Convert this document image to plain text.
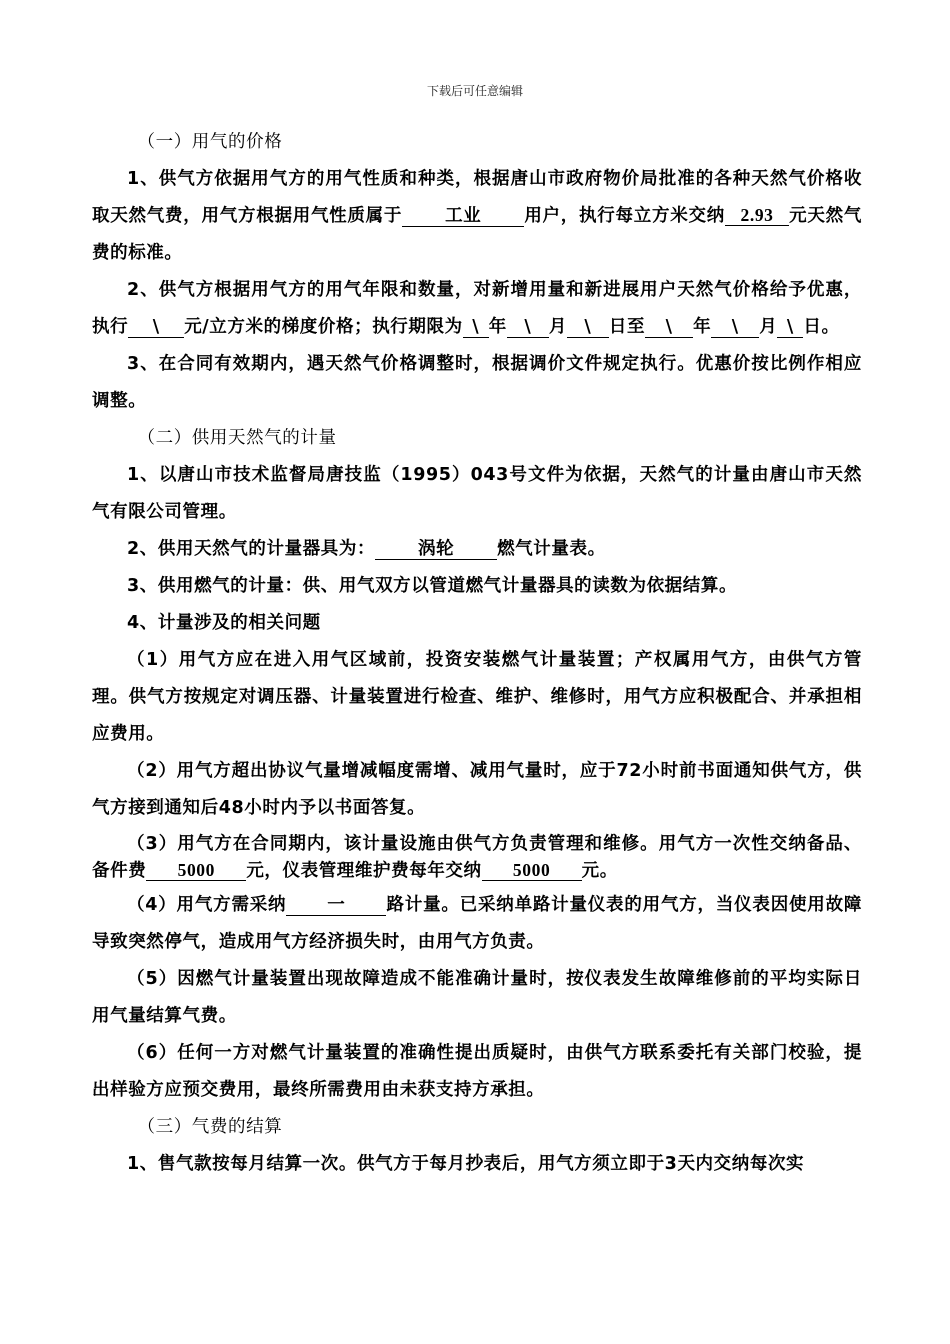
下载后可任意编辑

（一）用气的价格

1、供气方依据用气方的用气性质和种类，根据唐山市政府物价局批准的各种天然气价格收取天然气费，用气方根据用气性质属于 工业 用户，执行每立方米交纳 2.93 元天然气费的标准。

2、供气方根据用气方的用气年限和数量，对新增用量和新进展用户天然气价格给予优惠，执行 \ 元/立方米的梯度价格；执行期限为 \ 年 \ 月 \ 日至 \ 年 \ 月 \ 日。

3、在合同有效期内，遇天然气价格调整时，根据调价文件规定执行。优惠价按比例作相应调整。

（二）供用天然气的计量

1、以唐山市技术监督局唐技监（1995）043号文件为依据，天然气的计量由唐山市天然气有限公司管理。

2、供用天然气的计量器具为： 涡轮 燃气计量表。

3、供用燃气的计量：供、用气双方以管道燃气计量器具的读数为依据结算。

4、计量涉及的相关问题

（1）用气方应在进入用气区域前，投资安装燃气计量装置；产权属用气方，由供气方管理。供气方按规定对调压器、计量装置进行检查、维护、维修时，用气方应积极配合、并承担相应费用。

（2）用气方超出协议气量增减幅度需增、减用气量时，应于72小时前书面通知供气方，供气方接到通知后48小时内予以书面答复。

（3）用气方在合同期内，该计量设施由供气方负责管理和维修。用气方一次性交纳备品、备件费 5000 元，仪表管理维护费每年交纳 5000 元。

（4）用气方需采纳 一 路计量。已采纳单路计量仪表的用气方，当仪表因使用故障导致突然停气，造成用气方经济损失时，由用气方负责。

（5）因燃气计量装置出现故障造成不能准确计量时，按仪表发生故障维修前的平均实际日用气量结算气费。

（6）任何一方对燃气计量装置的准确性提出质疑时，由供气方联系委托有关部门校验，提出样验方应预交费用，最终所需费用由未获支持方承担。

（三）气费的结算

1、售气款按每月结算一次。供气方于每月抄表后，用气方须立即于3天内交纳每次实
